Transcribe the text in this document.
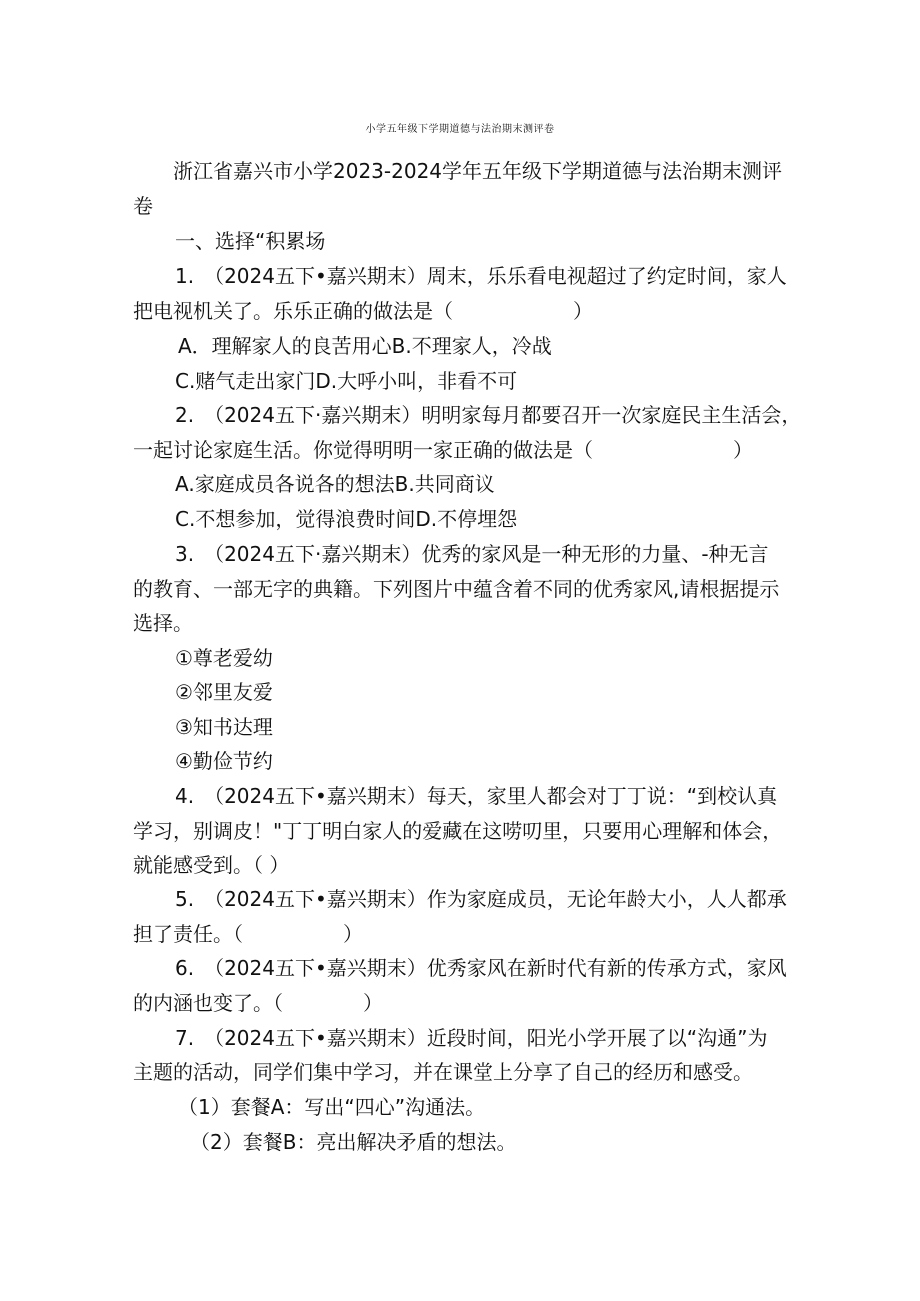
小学五年级下学期道德与法治期末测评卷
浙江省嘉兴市小学2023-2024学年五年级下学期道德与法治期末测评
卷
一、选择“积累场
1.　（2024五下•嘉兴期末）周末，乐乐看电视超过了约定时间，家人
把电视机关了。乐乐正确的做法是（　　　　　　）
A．理解家人的良苦用心B.不理家人，冷战
C.赌气走出家门D.大呼小叫，非看不可
2.　（2024五下·嘉兴期末）明明家每月都要召开一次家庭民主生活会，
一起讨论家庭生活。你觉得明明一家正确的做法是（　　　　　　　）
A.家庭成员各说各的想法B.共同商议
C.不想参加，觉得浪费时间D.不停埋怨
3.　（2024五下·嘉兴期末）优秀的家风是一种无形的力量、-种无言
的教育、一部无字的典籍。下列图片中蕴含着不同的优秀家风,请根据提示
选择。
①尊老爱幼
②邻里友爱
③知书达理
④勤俭节约
4.　（2024五下•嘉兴期末）每天，家里人都会对丁丁说：“到校认真
学习，别调皮！"丁丁明白家人的爱藏在这唠叨里，只要用心理解和体会，
就能感受到。（ ）
5.　（2024五下•嘉兴期末）作为家庭成员，无论年龄大小，人人都承
担了责任。（　　　　　）
6.　（2024五下•嘉兴期末）优秀家风在新时代有新的传承方式，家风
的内涵也变了。（　　　　）
7.　（2024五下•嘉兴期末）近段时间，阳光小学开展了以“沟通”为
主题的活动，同学们集中学习，并在课堂上分享了自己的经历和感受。
（1）套餐A：写出“四心”沟通法。
（2）套餐B：亮出解决矛盾的想法。
